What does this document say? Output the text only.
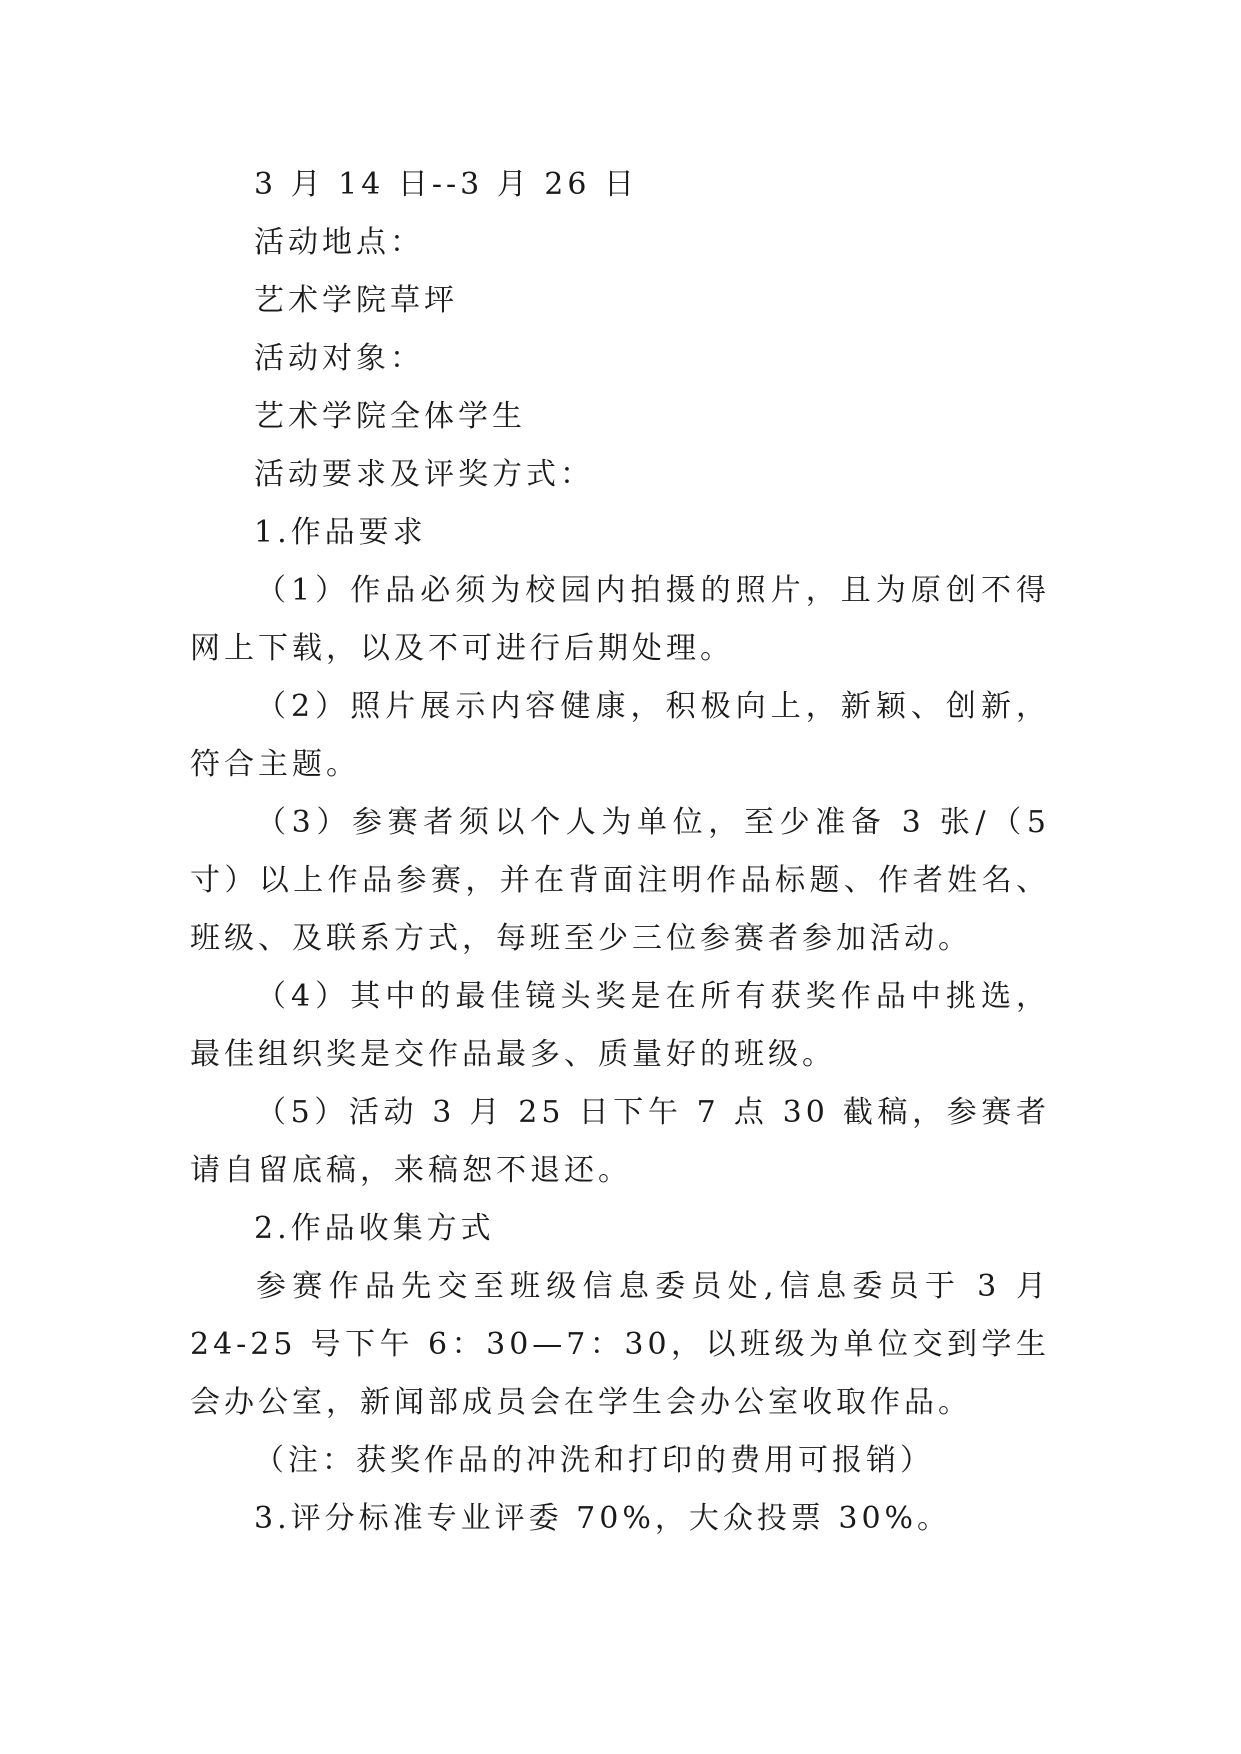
3 月 14 日--3 月 26 日
活动地点：
艺术学院草坪
活动对象：
艺术学院全体学生
活动要求及评奖方式：
1.作品要求

（1）作品必须为校园内拍摄的照片，且为原创不得网上下载，以及不可进行后期处理。

（2）照片展示内容健康，积极向上，新颖、创新，符合主题。

（3）参赛者须以个人为单位，至少准备 3 张/（5 寸）以上作品参赛，并在背面注明作品标题、作者姓名、班级、及联系方式，每班至少三位参赛者参加活动。

（4）其中的最佳镜头奖是在所有获奖作品中挑选，最佳组织奖是交作品最多、质量好的班级。

（5）活动 3 月 25 日下午 7 点 30 截稿，参赛者请自留底稿，来稿恕不退还。

2.作品收集方式

参赛作品先交至班级信息委员处,信息委员于 3 月 24-25 号下午 6：30—7：30，以班级为单位交到学生会办公室，新闻部成员会在学生会办公室收取作品。

（注：获奖作品的冲洗和打印的费用可报销）
3.评分标准专业评委 70%，大众投票 30%。
